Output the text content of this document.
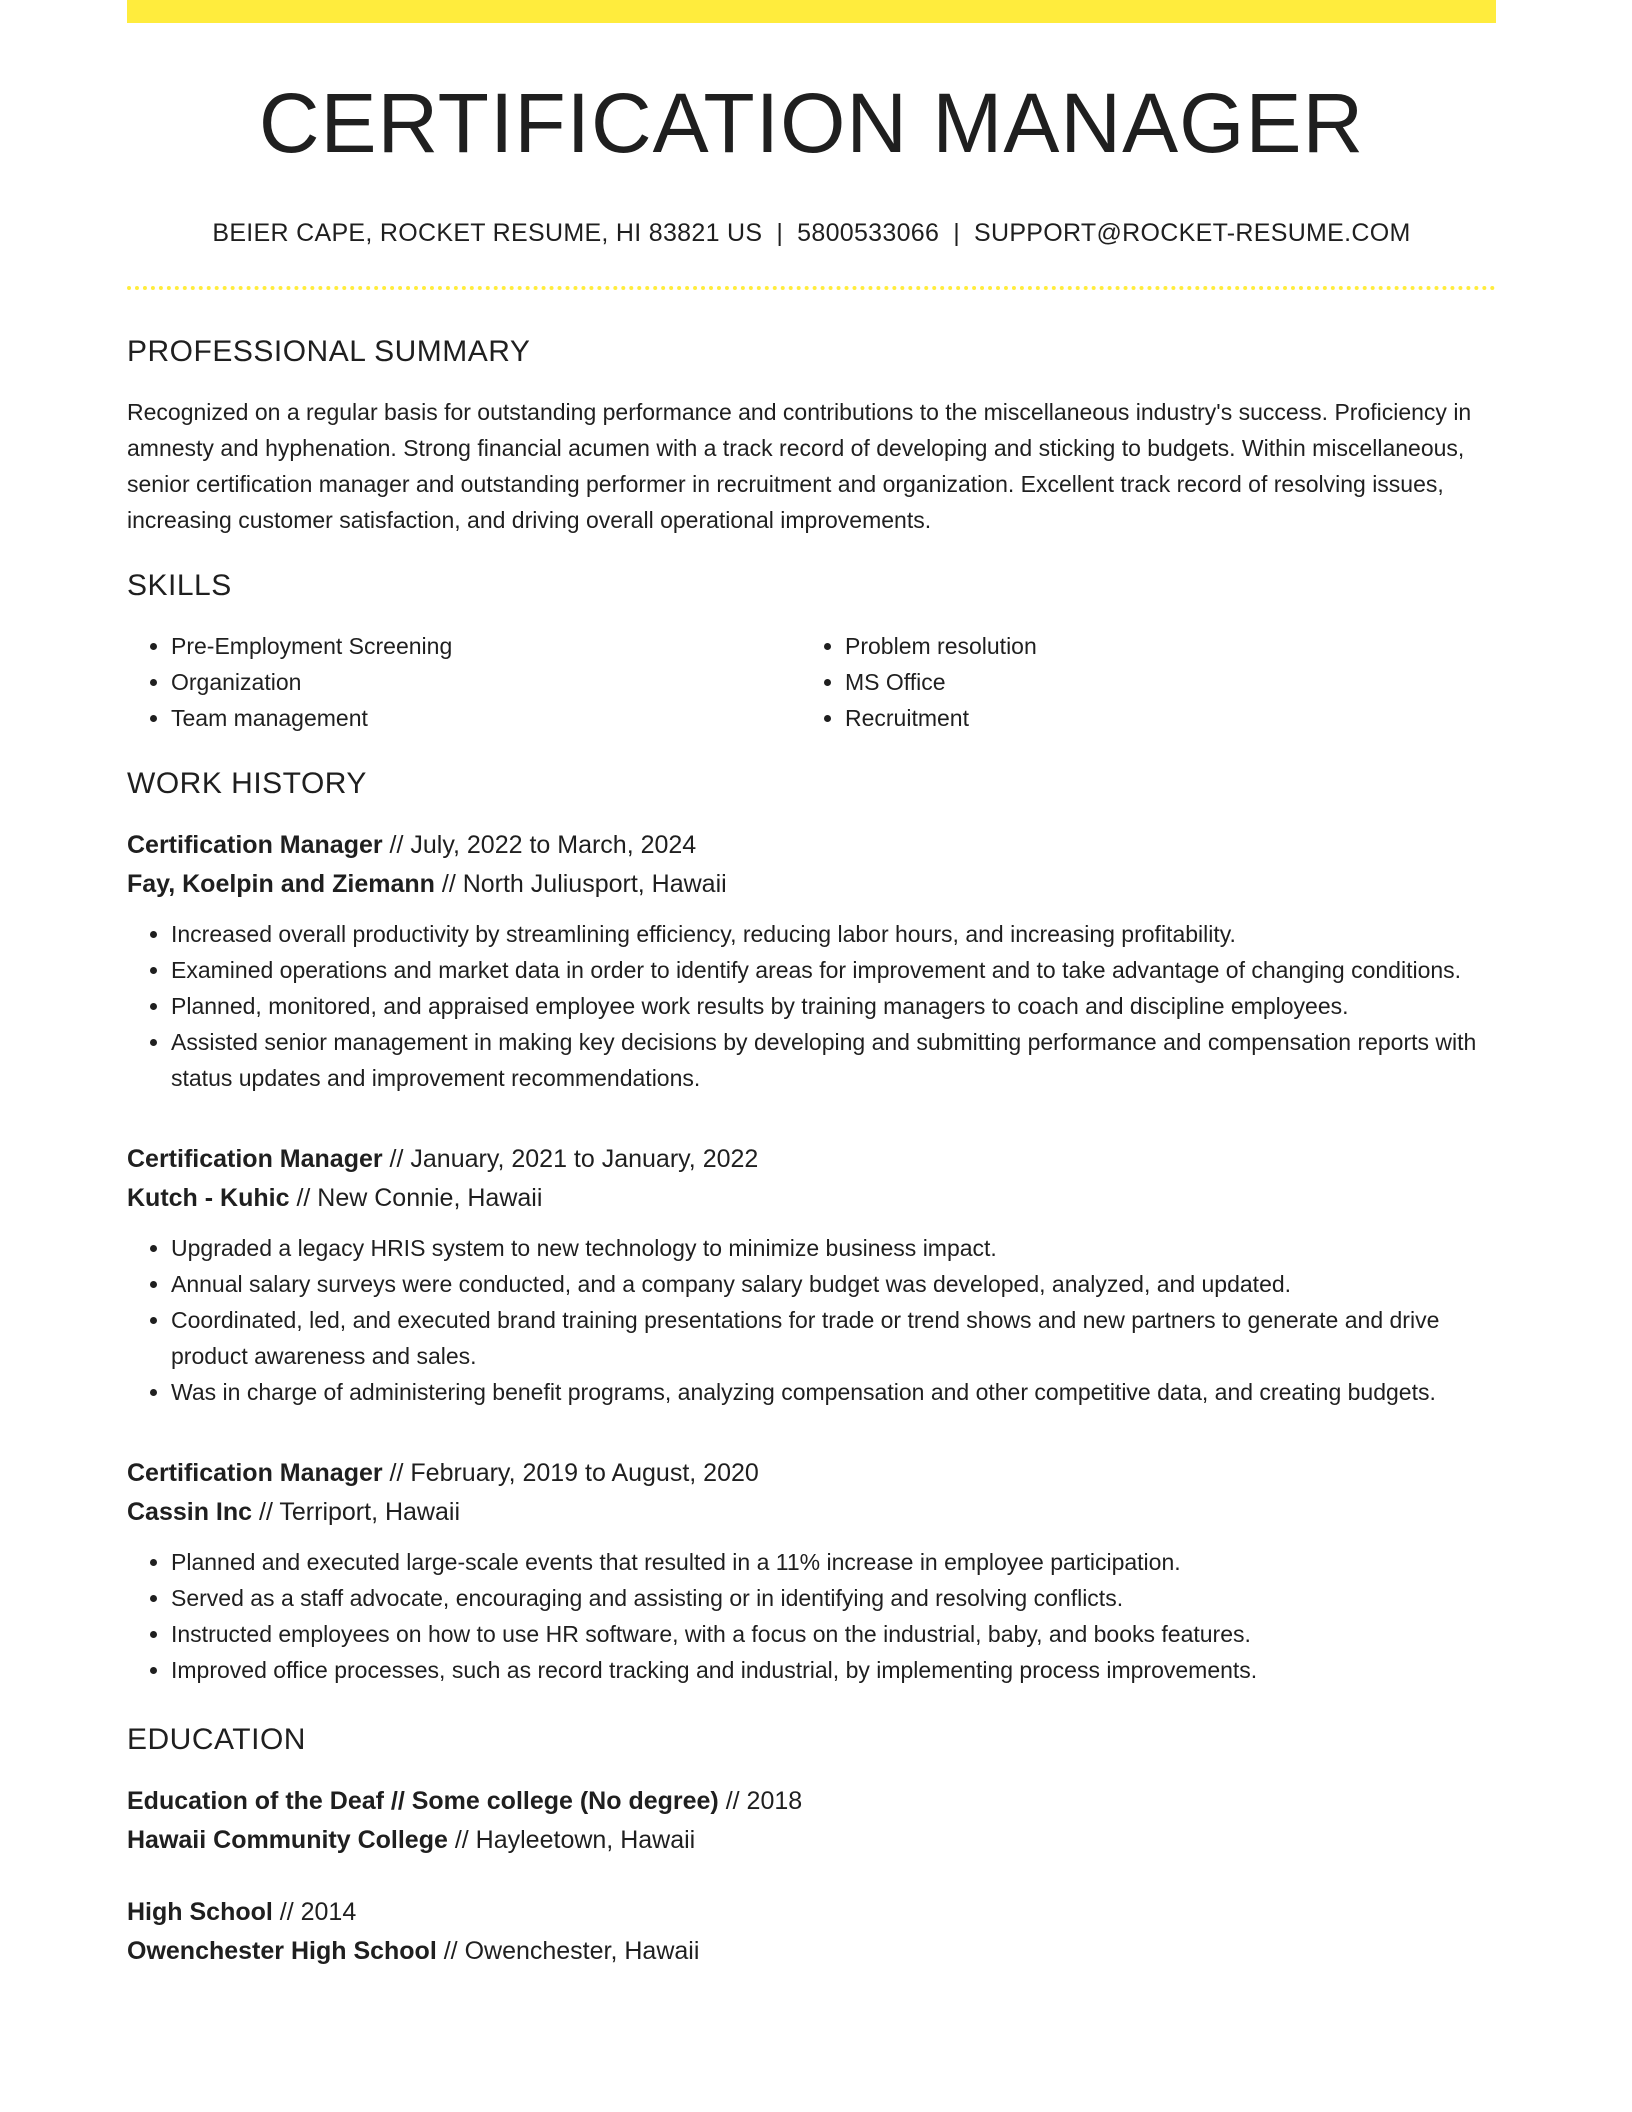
CERTIFICATION MANAGER
BEIER CAPE, ROCKET RESUME, HI 83821 US | 5800533066 | SUPPORT@ROCKET-RESUME.COM
PROFESSIONAL SUMMARY

Recognized on a regular basis for outstanding performance and contributions to the miscellaneous industry's success. Proficiency in amnesty and hyphenation. Strong financial acumen with a track record of developing and sticking to budgets. Within miscellaneous, senior certification manager and outstanding performer in recruitment and organization. Excellent track record of resolving issues, increasing customer satisfaction, and driving overall operational improvements.

SKILLS
• Pre-Employment Screening
• Organization
• Team management
• Problem resolution
• MS Office
• Recruitment
WORK HISTORY
Certification Manager // July, 2022 to March, 2024
Fay, Koelpin and Ziemann // North Juliusport, Hawaii
• Increased overall productivity by streamlining efficiency, reducing labor hours, and increasing profitability.
• Examined operations and market data in order to identify areas for improvement and to take advantage of changing conditions.
• Planned, monitored, and appraised employee work results by training managers to coach and discipline employees.
• Assisted senior management in making key decisions by developing and submitting performance and compensation reports with status updates and improvement recommendations.
Certification Manager // January, 2021 to January, 2022
Kutch - Kuhic // New Connie, Hawaii
• Upgraded a legacy HRIS system to new technology to minimize business impact.
• Annual salary surveys were conducted, and a company salary budget was developed, analyzed, and updated.
• Coordinated, led, and executed brand training presentations for trade or trend shows and new partners to generate and drive product awareness and sales.
• Was in charge of administering benefit programs, analyzing compensation and other competitive data, and creating budgets.
Certification Manager // February, 2019 to August, 2020
Cassin Inc // Terriport, Hawaii
• Planned and executed large-scale events that resulted in a 11% increase in employee participation.
• Served as a staff advocate, encouraging and assisting or in identifying and resolving conflicts.
• Instructed employees on how to use HR software, with a focus on the industrial, baby, and books features.
• Improved office processes, such as record tracking and industrial, by implementing process improvements.
EDUCATION
Education of the Deaf // Some college (No degree) // 2018
Hawaii Community College // Hayleetown, Hawaii
High School // 2014
Owenchester High School // Owenchester, Hawaii
